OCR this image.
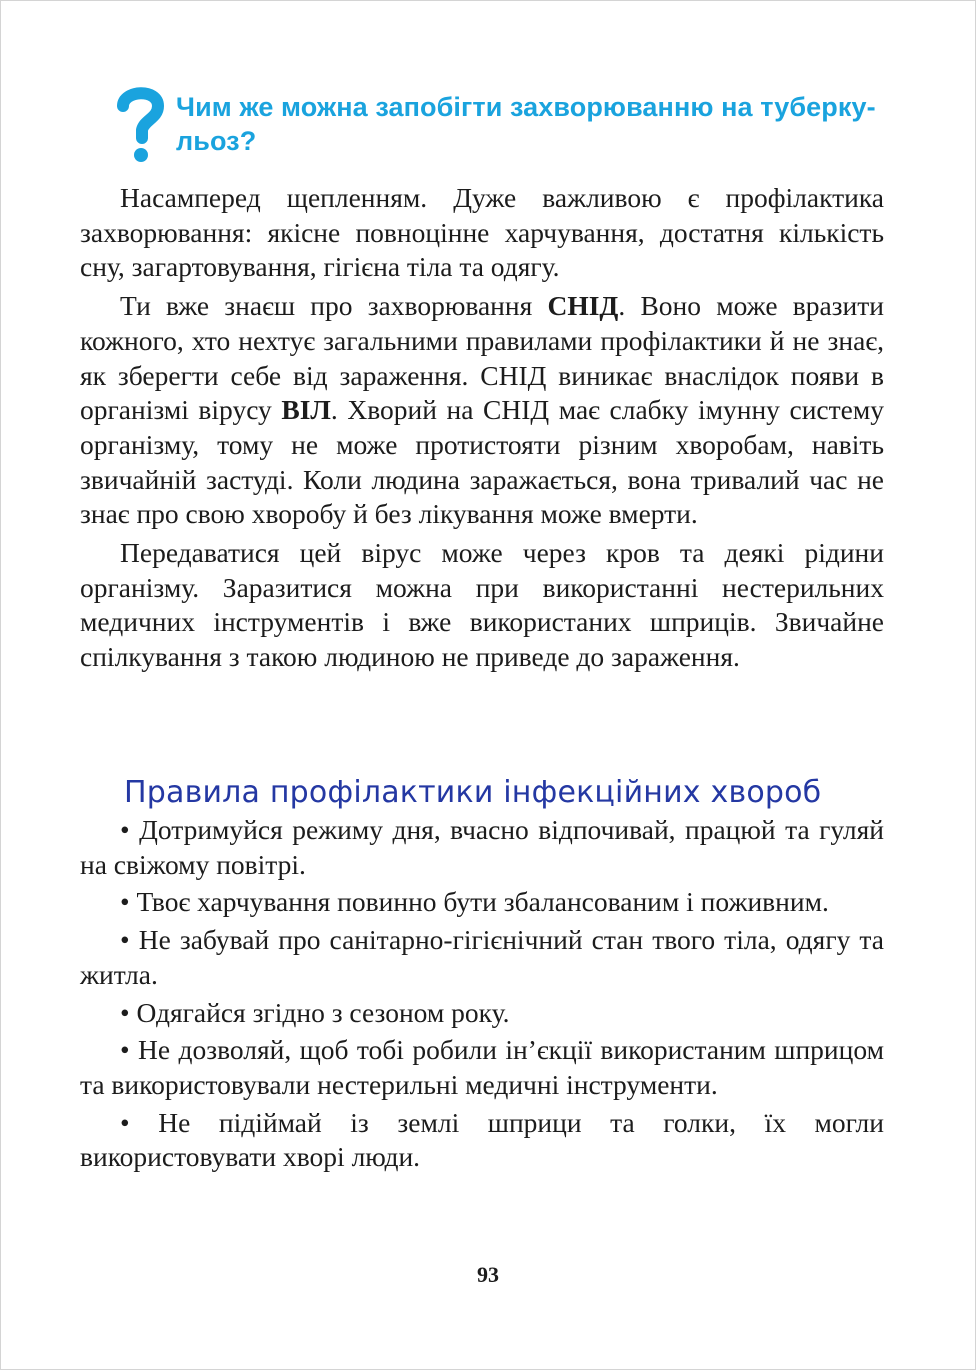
Чим же можна запобігти захворюванню на туберку-
льоз?

Насамперед щепленням. Дуже важливою є профілактика захворювання: якісне повноцінне харчування, достатня кількість сну, загартовування, гігієна тіла та одягу.

Ти вже знаєш про захворювання СНІД. Воно може вразити кожного, хто нехтує загальними правилами профілактики й не знає, як зберегти себе від зараження. СНІД виникає внаслідок появи в організмі вірусу ВІЛ. Хворий на СНІД має слабку імунну систему організму, тому не може протистояти різним хворобам, навіть звичайній застуді. Коли людина заражається, вона тривалий час не знає про свою хворобу й без лікування може вмерти.

Передаватися цей вірус може через кров та деякі рідини організму. Заразитися можна при використанні нестерильних медичних інструментів і вже використаних шприців. Звичайне спілкування з такою людиною не приведе до зараження.

Правила профілактики інфекційних хвороб

• Дотримуйся режиму дня, вчасно відпочивай, працюй та гуляй на свіжому повітрі.

• Твоє харчування повинно бути збалансованим і поживним.

• Не забувай про санітарно-гігієнічний стан твого тіла, одягу та житла.

• Одягайся згідно з сезоном року.

• Не дозволяй, щоб тобі робили ін’єкції використаним шприцом та використовували нестерильні медичні інструменти.

• Не підіймай із землі шприци та голки, їх могли використовувати хворі люди.

93
